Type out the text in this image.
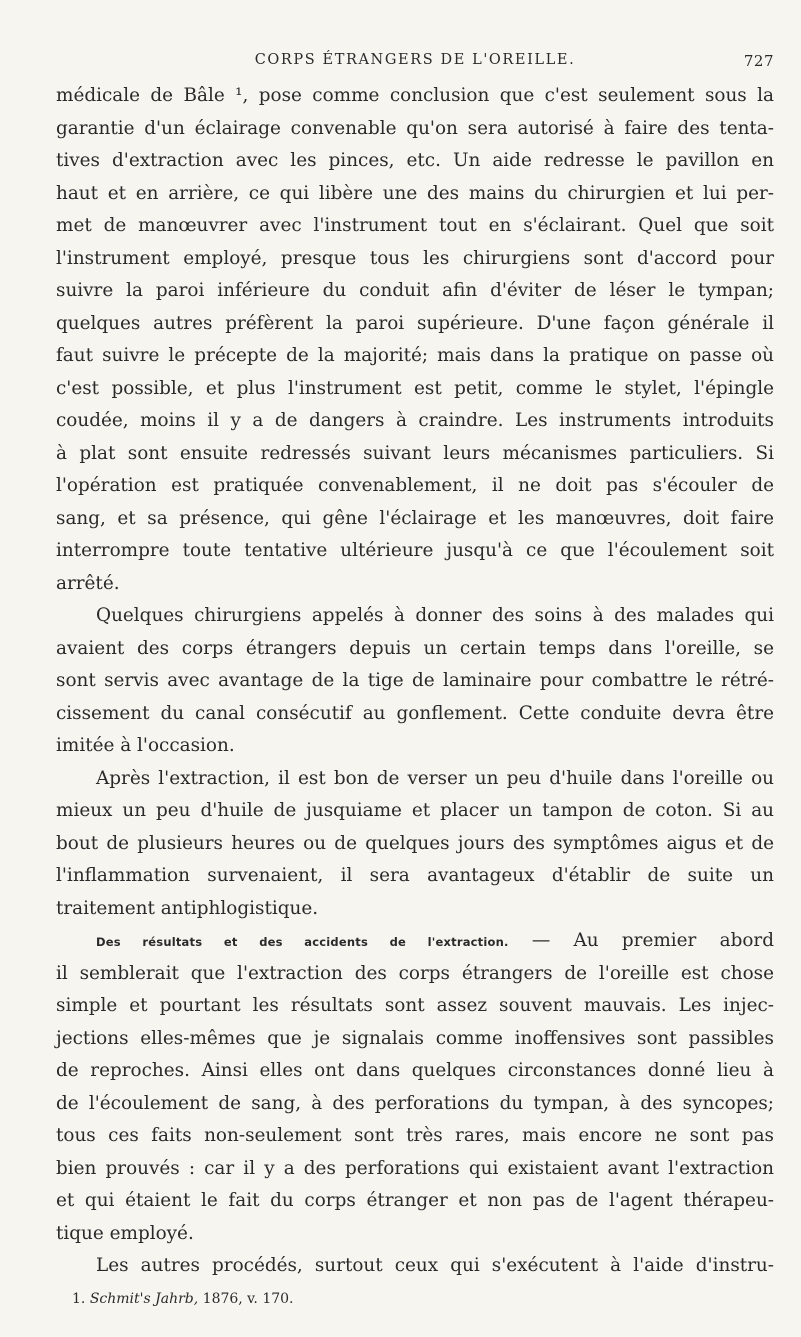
CORPS ÉTRANGERS DE L'OREILLE.	727
médicale de Bâle ¹, pose comme conclusion que c'est seulement sous la
garantie d'un éclairage convenable qu'on sera autorisé à faire des tenta-
tives d'extraction avec les pinces, etc. Un aide redresse le pavillon en
haut et en arrière, ce qui libère une des mains du chirurgien et lui per-
met de manœuvrer avec l'instrument tout en s'éclairant. Quel que soit
l'instrument employé, presque tous les chirurgiens sont d'accord pour
suivre la paroi inférieure du conduit afin d'éviter de léser le tympan;
quelques autres préfèrent la paroi supérieure. D'une façon générale il
faut suivre le précepte de la majorité; mais dans la pratique on passe où
c'est possible, et plus l'instrument est petit, comme le stylet, l'épingle
coudée, moins il y a de dangers à craindre. Les instruments introduits
à plat sont ensuite redressés suivant leurs mécanismes particuliers. Si
l'opération est pratiquée convenablement, il ne doit pas s'écouler de
sang, et sa présence, qui gêne l'éclairage et les manœuvres, doit faire
interrompre toute tentative ultérieure jusqu'à ce que l'écoulement soit
arrêté.
Quelques chirurgiens appelés à donner des soins à des malades qui
avaient des corps étrangers depuis un certain temps dans l'oreille, se
sont servis avec avantage de la tige de laminaire pour combattre le rétré-
cissement du canal consécutif au gonflement. Cette conduite devra être
imitée à l'occasion.
Après l'extraction, il est bon de verser un peu d'huile dans l'oreille ou
mieux un peu d'huile de jusquiame et placer un tampon de coton. Si au
bout de plusieurs heures ou de quelques jours des symptômes aigus et de
l'inflammation survenaient, il sera avantageux d'établir de suite un
traitement antiphlogistique.
Des résultats et des accidents de l'extraction. — Au premier abord
il semblerait que l'extraction des corps étrangers de l'oreille est chose
simple et pourtant les résultats sont assez souvent mauvais. Les injec-
jections elles-mêmes que je signalais comme inoffensives sont passibles
de reproches. Ainsi elles ont dans quelques circonstances donné lieu à
de l'écoulement de sang, à des perforations du tympan, à des syncopes;
tous ces faits non-seulement sont très rares, mais encore ne sont pas
bien prouvés : car il y a des perforations qui existaient avant l'extraction
et qui étaient le fait du corps étranger et non pas de l'agent thérapeu-
tique employé.
Les autres procédés, surtout ceux qui s'exécutent à l'aide d'instru-
1. Schmit's Jahrb, 1876, v. 170.
